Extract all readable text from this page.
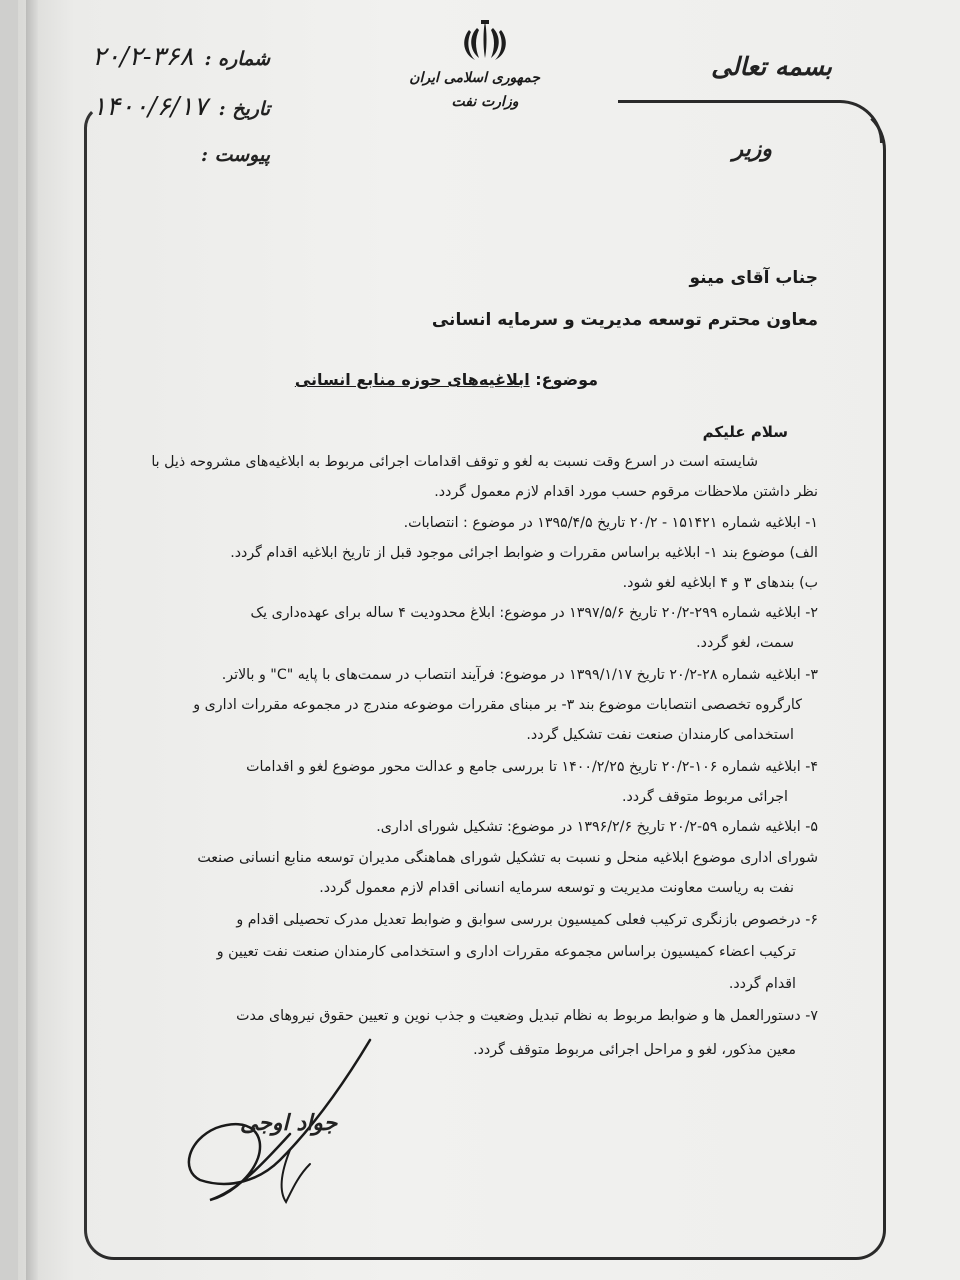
شماره : ۳۶۸-۲۰/۲
تاریخ : ۱۴۰۰/۶/۱۷
پیوست :
جمهوری اسلامی ایران
وزارت نفت
بسمه تعالی
وزیر
جناب آقای مینو
معاون محترم توسعه مدیریت و سرمایه انسانی
موضوع: ابلاغیه‌های حوزه منابع انسانی
سلام علیکم
شایسته است در اسرع وقت نسبت به لغو و توقف اقدامات اجرائی مربوط به ابلاغیه‌های مشروحه ذیل با
نظر داشتن ملاحظات مرقوم حسب مورد اقدام لازم معمول گردد.
۱- ابلاغیه شماره ۱۵۱۴۲۱ - ۲۰/۲ تاریخ ۱۳۹۵/۴/۵ در موضوع : انتصابات.
الف) موضوع بند ۱- ابلاغیه براساس مقررات و ضوابط اجرائی موجود قبل از تاریخ ابلاغیه اقدام گردد.
ب) بندهای ۳ و ۴ ابلاغیه لغو شود.
۲- ابلاغیه شماره ۲۹۹-۲۰/۲ تاریخ ۱۳۹۷/۵/۶ در موضوع: ابلاغ محدودیت ۴ ساله برای عهده‌داری یک
سمت، لغو گردد.
۳- ابلاغیه شماره ۲۸-۲۰/۲ تاریخ ۱۳۹۹/۱/۱۷ در موضوع: فرآیند انتصاب در سمت‌های با پایه "C" و بالاتر.
کارگروه تخصصی انتصابات موضوع بند ۳- بر مبنای مقررات موضوعه مندرج در مجموعه مقررات اداری و
استخدامی کارمندان صنعت نفت تشکیل گردد.
۴- ابلاغیه شماره ۱۰۶-۲۰/۲ تاریخ ۱۴۰۰/۲/۲۵ تا بررسی جامع و عدالت محور موضوع لغو و اقدامات
اجرائی مربوط متوقف گردد.
۵- ابلاغیه شماره ۵۹-۲۰/۲ تاریخ ۱۳۹۶/۲/۶ در موضوع: تشکیل شورای اداری.
شورای اداری موضوع ابلاغیه منحل و نسبت به تشکیل شورای هماهنگی مدیران توسعه منابع انسانی صنعت
نفت به ریاست معاونت مدیریت و توسعه سرمایه انسانی اقدام لازم معمول گردد.
۶- درخصوص بازنگری ترکیب فعلی کمیسیون بررسی سوابق و ضوابط تعدیل مدرک تحصیلی اقدام و
ترکیب اعضاء کمیسیون براساس مجموعه مقررات اداری و استخدامی کارمندان صنعت نفت تعیین و
اقدام گردد.
۷- دستورالعمل ها و ضوابط مربوط به نظام تبدیل وضعیت و جذب نوین و تعیین حقوق نیروهای مدت
معین مذکور، لغو و مراحل اجرائی مربوط متوقف گردد.
جواد اوجی
